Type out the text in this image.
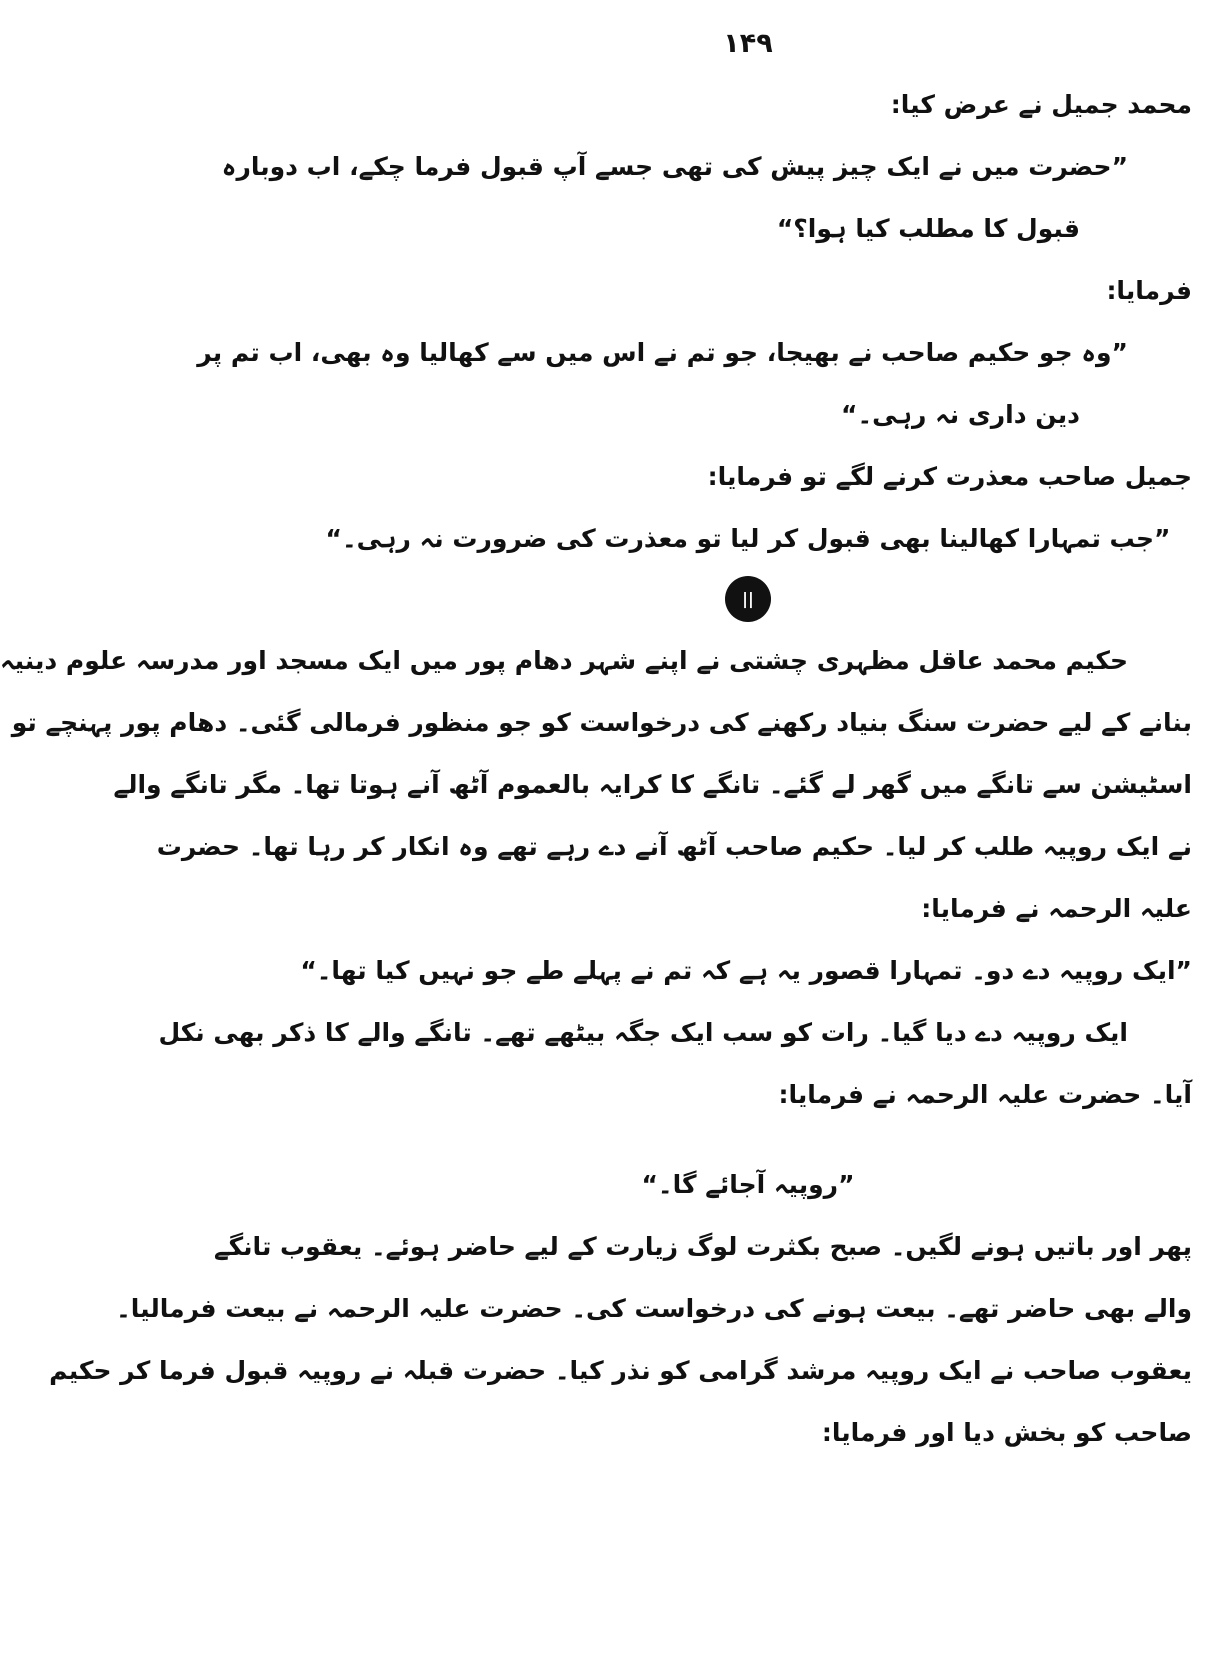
۱۴۹
محمد جمیل نے عرض کیا:
”حضرت میں نے ایک چیز پیش کی تھی جسے آپ قبول فرما چکے، اب دوبارہ
قبول کا مطلب کیا ہوا؟“
فرمایا:
”وہ جو حکیم صاحب نے بھیجا، جو تم نے اس میں سے کھالیا وہ بھی، اب تم پر
دین داری نہ رہی۔“
جمیل صاحب معذرت کرنے لگے تو فرمایا:
”جب تمہارا کھالینا بھی قبول کر لیا تو معذرت کی ضرورت نہ رہی۔“
||
حکیم محمد عاقل مظہری چشتی نے اپنے شہر دھام پور میں ایک مسجد اور مدرسہ علوم دینیہ
بنانے کے لیے حضرت سنگ بنیاد رکھنے کی درخواست کو جو منظور فرمالی گئی۔ دھام پور پہنچے تو
اسٹیشن سے تانگے میں گھر لے گئے۔ تانگے کا کرایہ بالعموم آٹھ آنے ہوتا تھا۔ مگر تانگے والے
نے ایک روپیہ طلب کر لیا۔ حکیم صاحب آٹھ آنے دے رہے تھے وہ انکار کر رہا تھا۔ حضرت
علیہ الرحمہ نے فرمایا:
”ایک روپیہ دے دو۔ تمہارا قصور یہ ہے کہ تم نے پہلے طے جو نہیں کیا تھا۔“
ایک روپیہ دے دیا گیا۔ رات کو سب ایک جگہ بیٹھے تھے۔ تانگے والے کا ذکر بھی نکل
آیا۔ حضرت علیہ الرحمہ نے فرمایا:
”روپیہ آجائے گا۔“
پھر اور باتیں ہونے لگیں۔ صبح بکثرت لوگ زیارت کے لیے حاضر ہوئے۔ یعقوب تانگے
والے بھی حاضر تھے۔ بیعت ہونے کی درخواست کی۔ حضرت علیہ الرحمہ نے بیعت فرمالیا۔
یعقوب صاحب نے ایک روپیہ مرشد گرامی کو نذر کیا۔ حضرت قبلہ نے روپیہ قبول فرما کر حکیم
صاحب کو بخش دیا اور فرمایا:
